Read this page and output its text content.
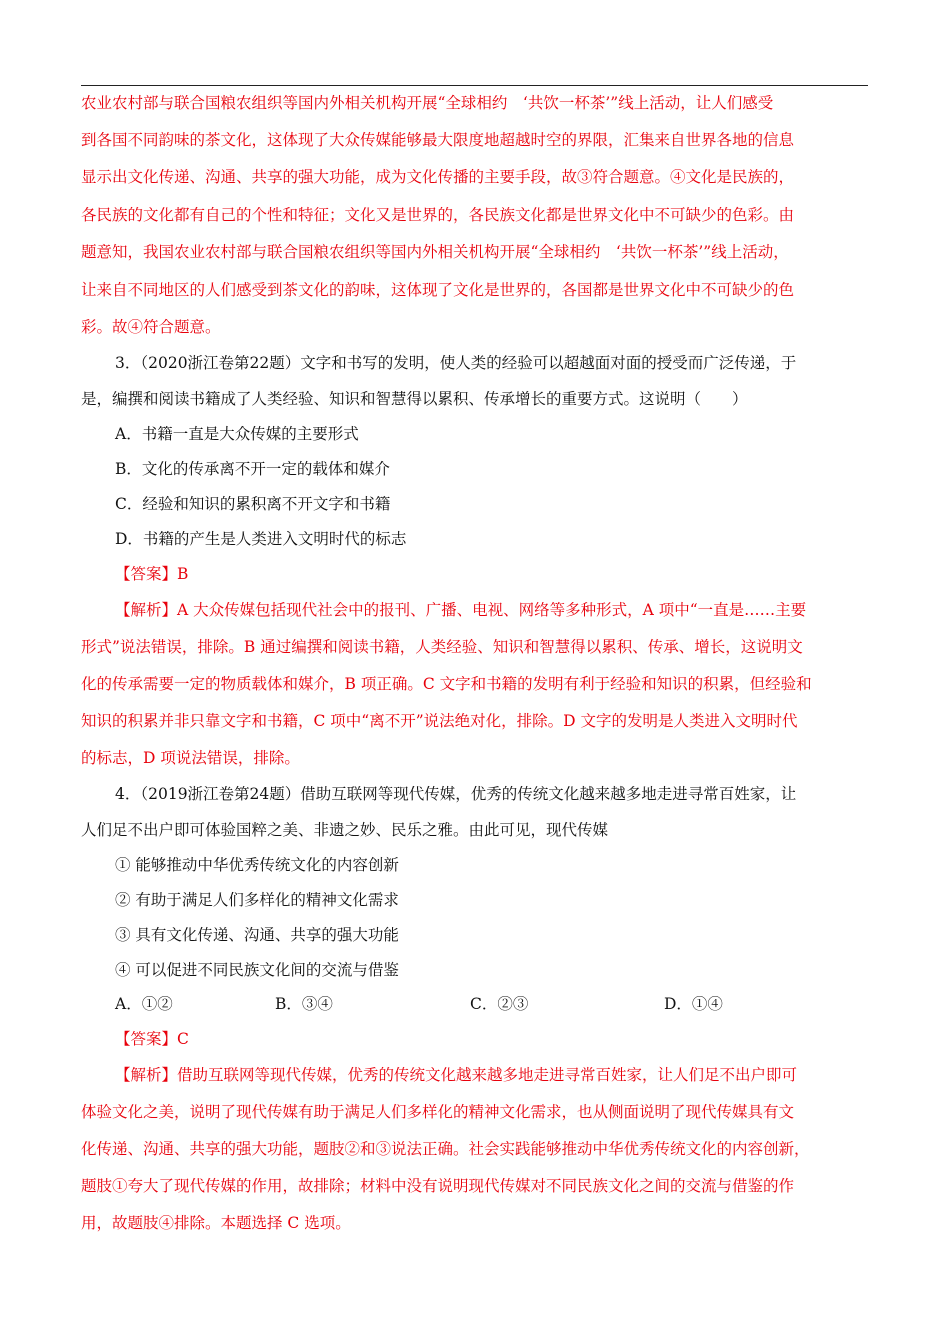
农业农村部与联合国粮农组织等国内外相关机构开展“全球相约　‘共饮一杯茶’”线上活动，让人们感受
到各国不同韵味的茶文化，这体现了大众传媒能够最大限度地超越时空的界限，汇集来自世界各地的信息
显示出文化传递、沟通、共享的强大功能，成为文化传播的主要手段，故③符合题意。④文化是民族的，
各民族的文化都有自己的个性和特征；文化又是世界的，各民族文化都是世界文化中不可缺少的色彩。由
题意知，我国农业农村部与联合国粮农组织等国内外相关机构开展“全球相约　‘共饮一杯茶’”线上活动，
让来自不同地区的人们感受到茶文化的韵味，这体现了文化是世界的，各国都是世界文化中不可缺少的色
彩。故④符合题意。
3．（2020浙江卷第22题）文字和书写的发明，使人类的经验可以超越面对面的授受而广泛传递，于
是，编撰和阅读书籍成了人类经验、知识和智慧得以累积、传承增长的重要方式。这说明（　　）
A．书籍一直是大众传媒的主要形式
B．文化的传承离不开一定的载体和媒介
C．经验和知识的累积离不开文字和书籍
D．书籍的产生是人类进入文明时代的标志
【答案】B
【解析】A 大众传媒包括现代社会中的报刊、广播、电视、网络等多种形式，A 项中“一直是……主要
形式”说法错误，排除。B 通过编撰和阅读书籍，人类经验、知识和智慧得以累积、传承、增长，这说明文
化的传承需要一定的物质载体和媒介，B 项正确。C 文字和书籍的发明有利于经验和知识的积累，但经验和
知识的积累并非只靠文字和书籍，C 项中“离不开”说法绝对化，排除。D 文字的发明是人类进入文明时代
的标志，D 项说法错误，排除。
4．（2019浙江卷第24题）借助互联网等现代传媒，优秀的传统文化越来越多地走进寻常百姓家，让
人们足不出户即可体验国粹之美、非遗之妙、民乐之雅。由此可见，现代传媒
① 能够推动中华优秀传统文化的内容创新
② 有助于满足人们多样化的精神文化需求
③ 具有文化传递、沟通、共享的强大功能
④ 可以促进不同民族文化间的交流与借鉴
A．①②	B．③④	C．②③	D．①④
【答案】C
【解析】借助互联网等现代传媒，优秀的传统文化越来越多地走进寻常百姓家，让人们足不出户即可
体验文化之美，说明了现代传媒有助于满足人们多样化的精神文化需求，也从侧面说明了现代传媒具有文
化传递、沟通、共享的强大功能，题肢②和③说法正确。社会实践能够推动中华优秀传统文化的内容创新，
题肢①夸大了现代传媒的作用，故排除；材料中没有说明现代传媒对不同民族文化之间的交流与借鉴的作
用，故题肢④排除。本题选择 C 选项。
